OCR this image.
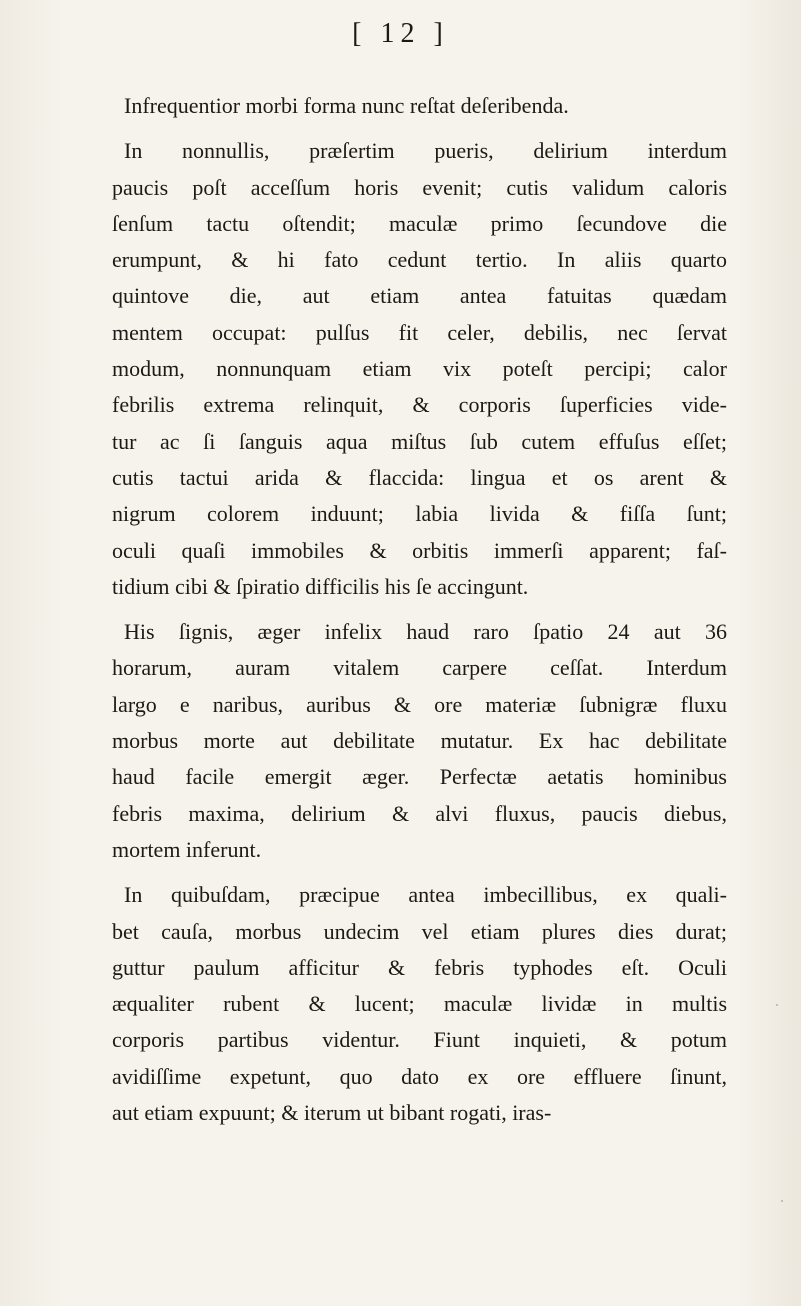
[ 12 ]
Infrequentior morbi forma nunc reſtat deſeribenda.
In nonnullis, præſertim pueris, delirium interdum
paucis poſt acceſſum horis evenit; cutis validum caloris
ſenſum tactu oſtendit; maculæ primo ſecundove die
erumpunt, & hi fato cedunt tertio. In aliis quarto
quintove die, aut etiam antea fatuitas quædam
mentem occupat: pulſus fit celer, debilis, nec ſervat
modum, nonnunquam etiam vix poteſt percipi; calor
febrilis extrema relinquit, & corporis ſuperficies vide-
tur ac ſi ſanguis aqua miſtus ſub cutem effuſus eſſet;
cutis tactui arida & flaccida: lingua et os arent &
nigrum colorem induunt; labia livida & fiſſa ſunt;
oculi quaſi immobiles & orbitis immerſi apparent; faſ-
tidium cibi & ſpiratio difficilis his ſe accingunt.
His ſignis, æger infelix haud raro ſpatio 24 aut 36
horarum, auram vitalem carpere ceſſat. Interdum
largo e naribus, auribus & ore materiæ ſubnigræ fluxu
morbus morte aut debilitate mutatur. Ex hac debilitate
haud facile emergit æger. Perfectæ aetatis hominibus
febris maxima, delirium & alvi fluxus, paucis diebus,
mortem inferunt.
In quibuſdam, præcipue antea imbecillibus, ex quali-
bet cauſa, morbus undecim vel etiam plures dies durat;
guttur paulum afficitur & febris typhodes eſt. Oculi
æqualiter rubent & lucent; maculæ lividæ in multis
corporis partibus videntur. Fiunt inquieti, & potum
avidiſſime expetunt, quo dato ex ore effluere ſinunt,
aut etiam expuunt; & iterum ut bibant rogati, iras-
